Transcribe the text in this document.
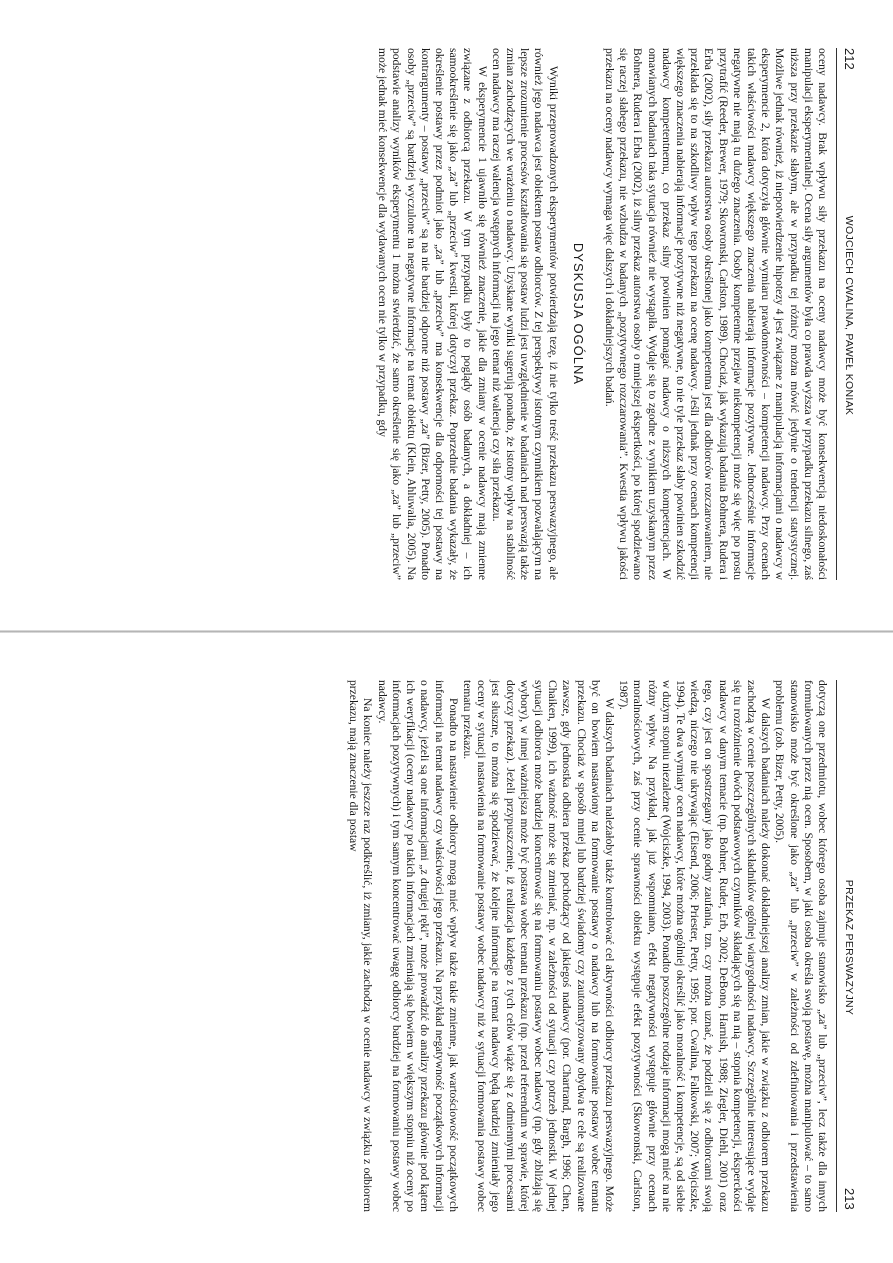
212
WOJCIECH CWALINA, PAWEŁ KONIAK

oceny nadawcy. Brak wpływu siły przekazu na oceny nadawcy może być konsekwencją niedoskonałości manipulacji eksperymentalnej. Ocena siły argumentów była co prawda wyższa w przypadku przekazu silnego, zaś niższa przy przekazie słabym, ale w przypadku tej różnicy można mówić jedynie o tendencji statystycznej. Możliwe jednak również, iż niepotwierdzenie hipotezy 4 jest związane z manipulacją informacjami o nadawcy w eksperymencie 2, która dotyczyła głównie wymiaru prawdomówności – kompetencji nadawcy. Przy ocenach takich właściwości nadawcy większego znaczenia nabierają informacje pozytywne. Jednocześnie informacje negatywne nie mają tu dużego znaczenia. Osoby kompetentne przejaw niekompetencji może się więc po prostu przytrafić (Reeder, Brewer, 1979; Skowronski, Carlston, 1989). Chociaż, jak wykazują badania Bohnera, Rudera i Erba (2002), siły przekazu autorstwa osoby określonej jako kompetentna jest dla odbiorców rozczarowaniem, nie przekłada się to na szkodliwy wpływ tego przekazu na ocenę nadawcy. Jeśli jednak przy ocenach kompetencji większego znaczenia nabierają informacje pozytywne niż negatywne, to nie tyle przekaz słaby powinien szkodzić nadawcy kompetentnemu, co przekaz silny powinien pomagać nadawcy o niższych kompetencjach. W omawianych badaniach taka sytuacja również nie wystąpiła. Wydaje się to zgodne z wynikiem uzyskanym przez Bohnera, Rudera i Erba (2002), iż silny przekaz autorstwa osoby o mniejszej ekspertkości, po której spodziewano się raczej słabego przekazu, nie wzbudza w badanych „pozytywnego rozczarowania”. Kwestia wpływu jakości przekazu na oceny nadawcy wymaga więc dalszych i dokładniejszych badań.

DYSKUSJA OGÓLNA

Wyniki przeprowadzonych eksperymentów potwierdzają tezę, iż nie tylko treść przekazu perswazyjnego, ale również jego nadawca jest obiektem postaw odbiorców. Z tej perspektywy istotnym czynnikiem pozwalającym na lepsze zrozumienie procesów kształtowania się postaw ludzi jest uwzględnienie w badaniach nad perswazją także zmian zachodzących we wrażeniu o nadawcy. Uzyskane wyniki sugerują ponadto, że istotny wpływ na stabilność ocen nadawcy ma raczej walencja wstępnych informacji na jego temat niż walencja czy siła przekazu.

W eksperymencie 1 ujawniło się również znaczenie, jakie dla zmiany w ocenie nadawcy mają zmienne związane z odbiorcą przekazu. W tym przypadku były to poglądy osób badanych, a dokładniej – ich samookreślenie się jako „za” lub „przeciw” kwestii, której dotyczył przekaz. Poprzednie badania wykazały, że określenie postawy przez podmiot jako „za” lub „przeciw” ma konsekwencje dla odporności tej postawy na kontrargumenty – postawy „przeciw” są na nie bardziej odporne niż postawy „za” (Bizer, Petty, 2005). Ponadto osoby „przeciw” są bardziej wyczulone na negatywne informacje na temat obiektu (Klein, Ahluwalia, 2005). Na podstawie analizy wyników eksperymentu 1 można stwierdzić, że samo określenie się jako „za” lub „przeciw” może jednak mieć konsekwencje dla wydawanych ocen nie tylko w przypadku, gdy

PRZEKAZ PERSWAZYJNY
213

dotyczą one przedmiotu, wobec którego osoba zajmuje stanowisko „za” lub „przeciw”, lecz także dla innych formułowanych przez nią ocen. Sposobem, w jaki osoba określa swoją postawę, można manipulować – to samo stanowisko może być określone jako „za” lub „przeciw” w zależności od zdefiniowania i przedstawienia problemu (zob. Bizer, Petty, 2005).

W dalszych badaniach należy dokonać dokładniejszej analizy zmian, jakie w związku z odbiorem przekazu zachodzą w ocenie poszczególnych składników ogólnej wiarygodności nadawcy. Szczególnie interesujące wydaje się tu rozróżnienie dwóch podstawowych czynników składających się na nią – stopnia kompetencji, eksperckości nadawcy w danym temacie (np. Bohner, Ruder, Erb, 2002; DeBono, Harnish, 1988; Ziegler, Diehl, 2001) oraz tego, czy jest on spostrzegany jako godny zaufania, tzn. czy można uznać, że podzieli się z odbiorcami swoją wiedzą, niczego nie ukrywając (Eisend, 2006; Priester, Petty, 1995; por. Cwalina, Falkowski, 2007; Wojciszke, 1994). Te dwa wymiary ocen nadawcy, które można ogólniej określić jako moralność i kompetencje, są od siebie w dużym stopniu niezależne (Wojciszke, 1994, 2003). Ponadto poszczególne rodzaje informacji mogą mieć na nie różny wpływ. Na przykład, jak już wspomniano, efekt negatywności występuje głównie przy ocenach moralnościowych, zaś przy ocenie sprawności obiektu występuje efekt pozytywności (Skowronski, Carlston, 1987).

W dalszych badaniach należałoby także kontrolować cel aktywności odbiorcy przekazu perswazyjnego. Może być on bowiem nastawiony na formowanie postawy o nadawcy lub na formowanie postawy wobec tematu przekazu. Chociaż w sposób mniej lub bardziej świadomy czy zautomatyzowany obydwa te cele są realizowane zawsze, gdy jednostka odbiera przekaz pochodzący od jakiegoś nadawcy (por. Chartrand, Bargh, 1996; Chen, Chaiken, 1999), ich ważność może się zmieniać, np. w zależności od sytuacji czy potrzeb jednostki. W jednej sytuacji odbiorca może bardziej koncentrować się na formowaniu postawy wobec nadawcy (np. gdy zbliżają się wybory), w innej ważniejsza może być postawa wobec tematu przekazu (np. przed referendum w sprawie, której dotyczy przekaz). Jeżeli przypuszczenie, iż realizacja każdego z tych celów wiąże się z odmiennymi procesami jest słuszne, to można się spodziewać, że kolejne informacje na temat nadawcy będą bardziej zmieniały jego oceny w sytuacji nastawienia na formowanie postawy wobec nadawcy niż w sytuacji formowania postawy wobec tematu przekazu.

Ponadto na nastawienie odbiorcy mogą mieć wpływ także takie zmienne, jak wartościowość początkowych informacji na temat nadawcy czy właściwości jego przekazu. Na przykład negatywność początkowych informacji o nadawcy, jeżeli są one informacjami „z drugiej ręki”, może prowadzić do analizy przekazu głównie pod kątem ich weryfikacji (oceny nadawcy po takich informacjach zmieniają się bowiem w większym stopniu niż oceny po informacjach pozytywnych) i tym samym koncentrować uwagę odbiorcy bardziej na formowaniu postawy wobec nadawcy.

Na koniec należy jeszcze raz podkreślić, iż zmiany, jakie zachodzą w ocenie nadawcy w związku z odbiorem przekazu, mają znaczenie dla postaw
